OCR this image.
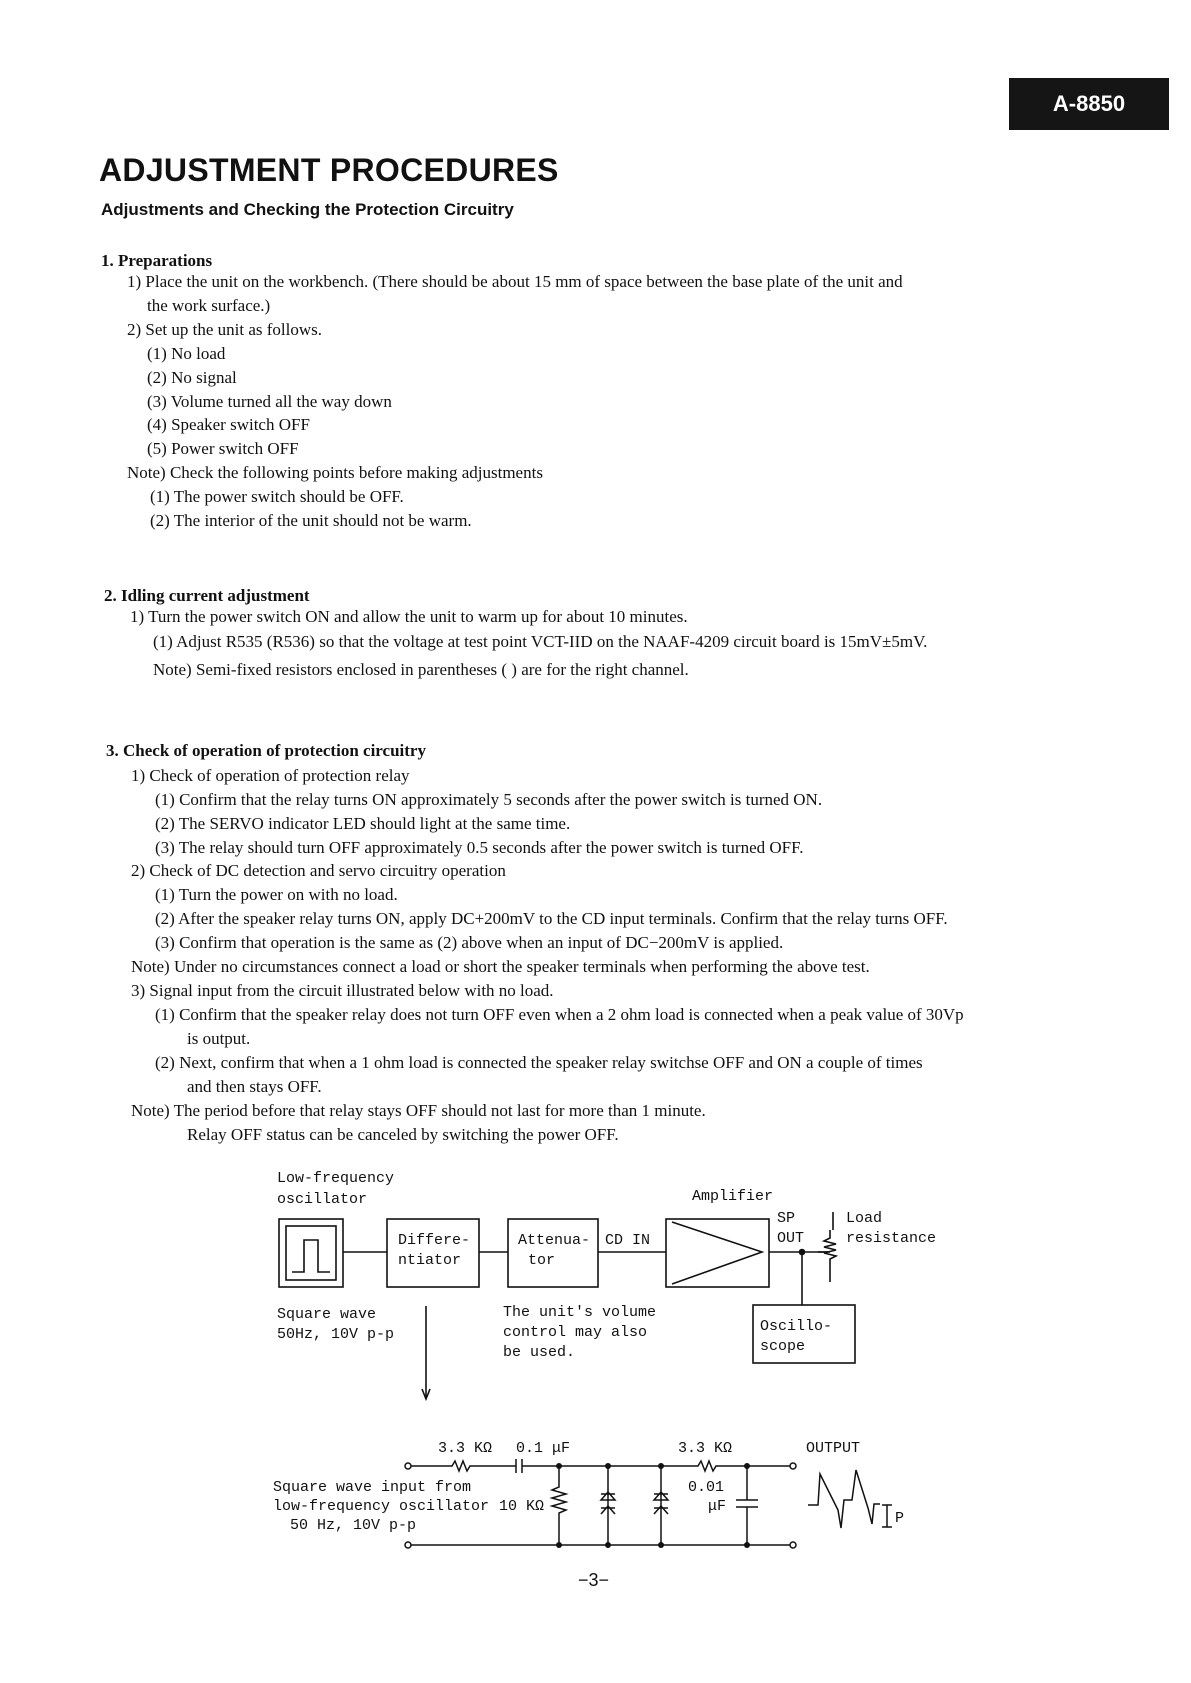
A-8850
ADJUSTMENT PROCEDURES
Adjustments and Checking the Protection Circuitry
1. Preparations
1) Place the unit on the workbench. (There should be about 15 mm of space between the base plate of the unit and
the work surface.)
2) Set up the unit as follows.
(1) No load
(2) No signal
(3) Volume turned all the way down
(4) Speaker switch OFF
(5) Power switch OFF
Note) Check the following points before making adjustments
(1) The power switch should be OFF.
(2) The interior of the unit should not be warm.
2. Idling current adjustment
1) Turn the power switch ON and allow the unit to warm up for about 10 minutes.
(1) Adjust R535 (R536) so that the voltage at test point VCT-IID on the NAAF-4209 circuit board is 15mV±5mV.
Note) Semi-fixed resistors enclosed in parentheses ( ) are for the right channel.
3. Check of operation of protection circuitry
1) Check of operation of protection relay
(1) Confirm that the relay turns ON approximately 5 seconds after the power switch is turned ON.
(2) The SERVO indicator LED should light at the same time.
(3) The relay should turn OFF approximately 0.5 seconds after the power switch is turned OFF.
2) Check of DC detection and servo circuitry operation
(1) Turn the power on with no load.
(2) After the speaker relay turns ON, apply DC+200mV to the CD input terminals. Confirm that the relay turns OFF.
(3) Confirm that operation is the same as (2) above when an input of DC−200mV is applied.
Note) Under no circumstances connect a load or short the speaker terminals when performing the above test.
3) Signal input from the circuit illustrated below with no load.
(1) Confirm that the speaker relay does not turn OFF even when a 2 ohm load is connected when a peak value of 30Vp
is output.
(2) Next, confirm that when a 1 ohm load is connected the speaker relay switchse OFF and ON a couple of times
and then stays OFF.
Note) The period before that relay stays OFF should not last for more than 1 minute.
Relay OFF status can be canceled by switching the power OFF.
Low-frequency
oscillator
Differe-
ntiator
Attenua-
tor
CD IN
Amplifier
SP
OUT
Load
resistance
Square wave
50Hz, 10V p-p
The unit's volume
control may also
be used.
Oscillo-
scope
3.3 KΩ 0.1 μF	3.3 KΩ	OUTPUT
Square wave input from
low-frequency oscillator
50 Hz, 10V p-p
10 KΩ
0.01
μF
P
−3−
